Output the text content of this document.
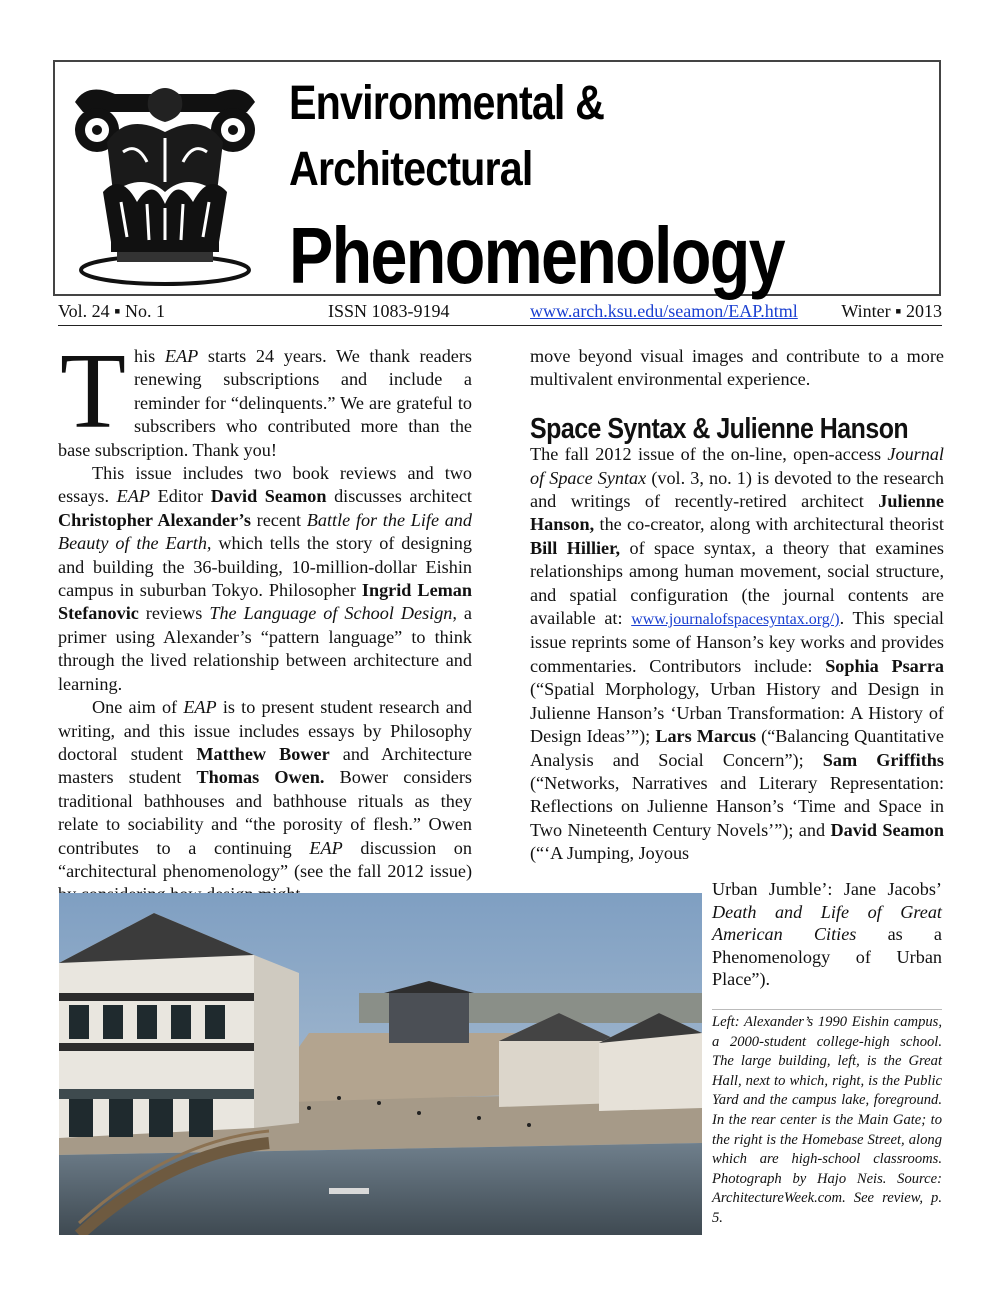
Environmental &
Architectural
Phenomenology
Vol. 24 ▪ No. 1	ISSN 1083-9194	www.arch.ksu.edu/seamon/EAP.html Winter ▪ 2013

This EAP starts 24 years. We thank readers renewing subscriptions and include a reminder for “delinquents.” We are grateful to subscribers who contributed more than the base subscription. Thank you!

This issue includes two book reviews and two essays. EAP Editor David Seamon discusses architect Christopher Alexander’s recent Battle for the Life and Beauty of the Earth, which tells the story of designing and building the 36-building, 10-million-dollar Eishin campus in suburban Tokyo. Philosopher Ingrid Leman Stefanovic reviews The Language of School Design, a primer using Alexander’s “pattern language” to think through the lived relationship between architecture and learning.

One aim of EAP is to present student research and writing, and this issue includes essays by Philosophy doctoral student Matthew Bower and Architecture masters student Thomas Owen. Bower considers traditional bathhouses and bathhouse rituals as they relate to sociability and “the porosity of flesh.” Owen contributes to a continuing EAP discussion on “architectural phenomenology” (see the fall 2012 issue)

move beyond visual images and contribute to a more multivalent environmental experience.

Space Syntax & Julienne Hanson

The fall 2012 issue of the on-line, open-access Journal of Space Syntax (vol. 3, no. 1) is devoted to the research and writings of recently-retired architect Julienne Hanson, the co-creator, along with architectural theorist Bill Hillier, of space syntax, a theory that examines relationships among human movement, social structure, and spatial configuration (the journal contents are available at: www.journalofspacesyntax.org/). This special issue reprints some of Hanson’s key works and provides commentaries. Contributors include: Sophia Psarra (“Spatial Morphology, Urban History and Design in Julienne Hanson’s ‘Urban Transformation: A History of Design Ideas’”); Lars Marcus (“Balancing Quantitative Analysis and Social Concern”); Sam Griffiths (“Networks, Narratives and Literary Representation: Reflections on Julienne Hanson’s ‘Time and Space in Two Nineteenth Century Novels’”); and David Seamon (“‘A Jumping, Joyous

Urban Jumble’: Jane Jacobs’ Death and Life of Great American Cities as a Phenomenology of Urban Place”).
Left: Alexander’s 1990 Eishin campus, a 2000-student college-high school. The large building, left, is the Great Hall, next to which, right, is the Public Yard and the campus lake, foreground. In the rear center is the Main Gate; to the right is the Homebase Street, along which are high-school classrooms. Photograph by Hajo Neis. Source: ArchitectureWeek.com. See review, p. 5.
